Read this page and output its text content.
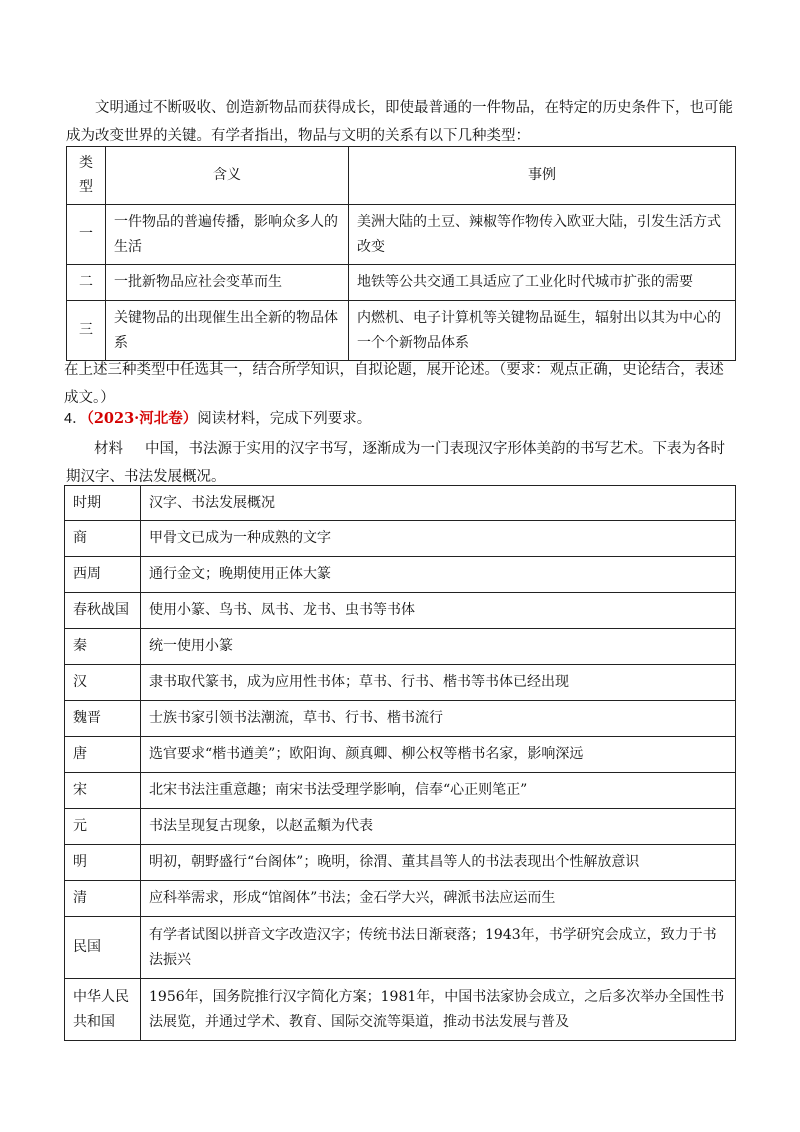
文明通过不断吸收、创造新物品而获得成长，即使最普通的一件物品，在特定的历史条件下，也可能成为改变世界的关键。有学者指出，物品与文明的关系有以下几种类型：

类型	含义	事例
一	一件物品的普遍传播，影响众多人的生活	美洲大陆的土豆、辣椒等作物传入欧亚大陆，引发生活方式改变
二	一批新物品应社会变革而生	地铁等公共交通工具适应了工业化时代城市扩张的需要
三	关键物品的出现催生出全新的物品体系	内燃机、电子计算机等关键物品诞生，辐射出以其为中心的一个个新物品体系

在上述三种类型中任选其一，结合所学知识，自拟论题，展开论述。（要求：观点正确，史论结合，表述成文。）

4．（2023·河北卷）阅读材料，完成下列要求。

材料 中国，书法源于实用的汉字书写，逐渐成为一门表现汉字形体美韵的书写艺术。下表为各时期汉字、书法发展概况。

时期	汉字、书法发展概况
商	甲骨文已成为一种成熟的文字
西周	通行金文；晚期使用正体大篆
春秋战国	使用小篆、鸟书、凤书、龙书、虫书等书体
秦	统一使用小篆
汉	隶书取代篆书，成为应用性书体；草书、行书、楷书等书体已经出现
魏晋	士族书家引领书法潮流，草书、行书、楷书流行
唐	选官要求“楷书遒美”；欧阳询、颜真卿、柳公权等楷书名家，影响深远
宋	北宋书法注重意趣；南宋书法受理学影响，信奉“心正则笔正”
元	书法呈现复古现象，以赵孟頫为代表
明	明初，朝野盛行“台阁体”；晚明，徐渭、董其昌等人的书法表现出个性解放意识
清	应科举需求，形成“馆阁体”书法；金石学大兴，碑派书法应运而生
民国	有学者试图以拼音文字改造汉字；传统书法日渐衰落；1943年，书学研究会成立，致力于书法振兴
中华人民共和国	1956年，国务院推行汉字简化方案；1981年，中国书法家协会成立，之后多次举办全国性书法展览，并通过学术、教育、国际交流等渠道，推动书法发展与普及
